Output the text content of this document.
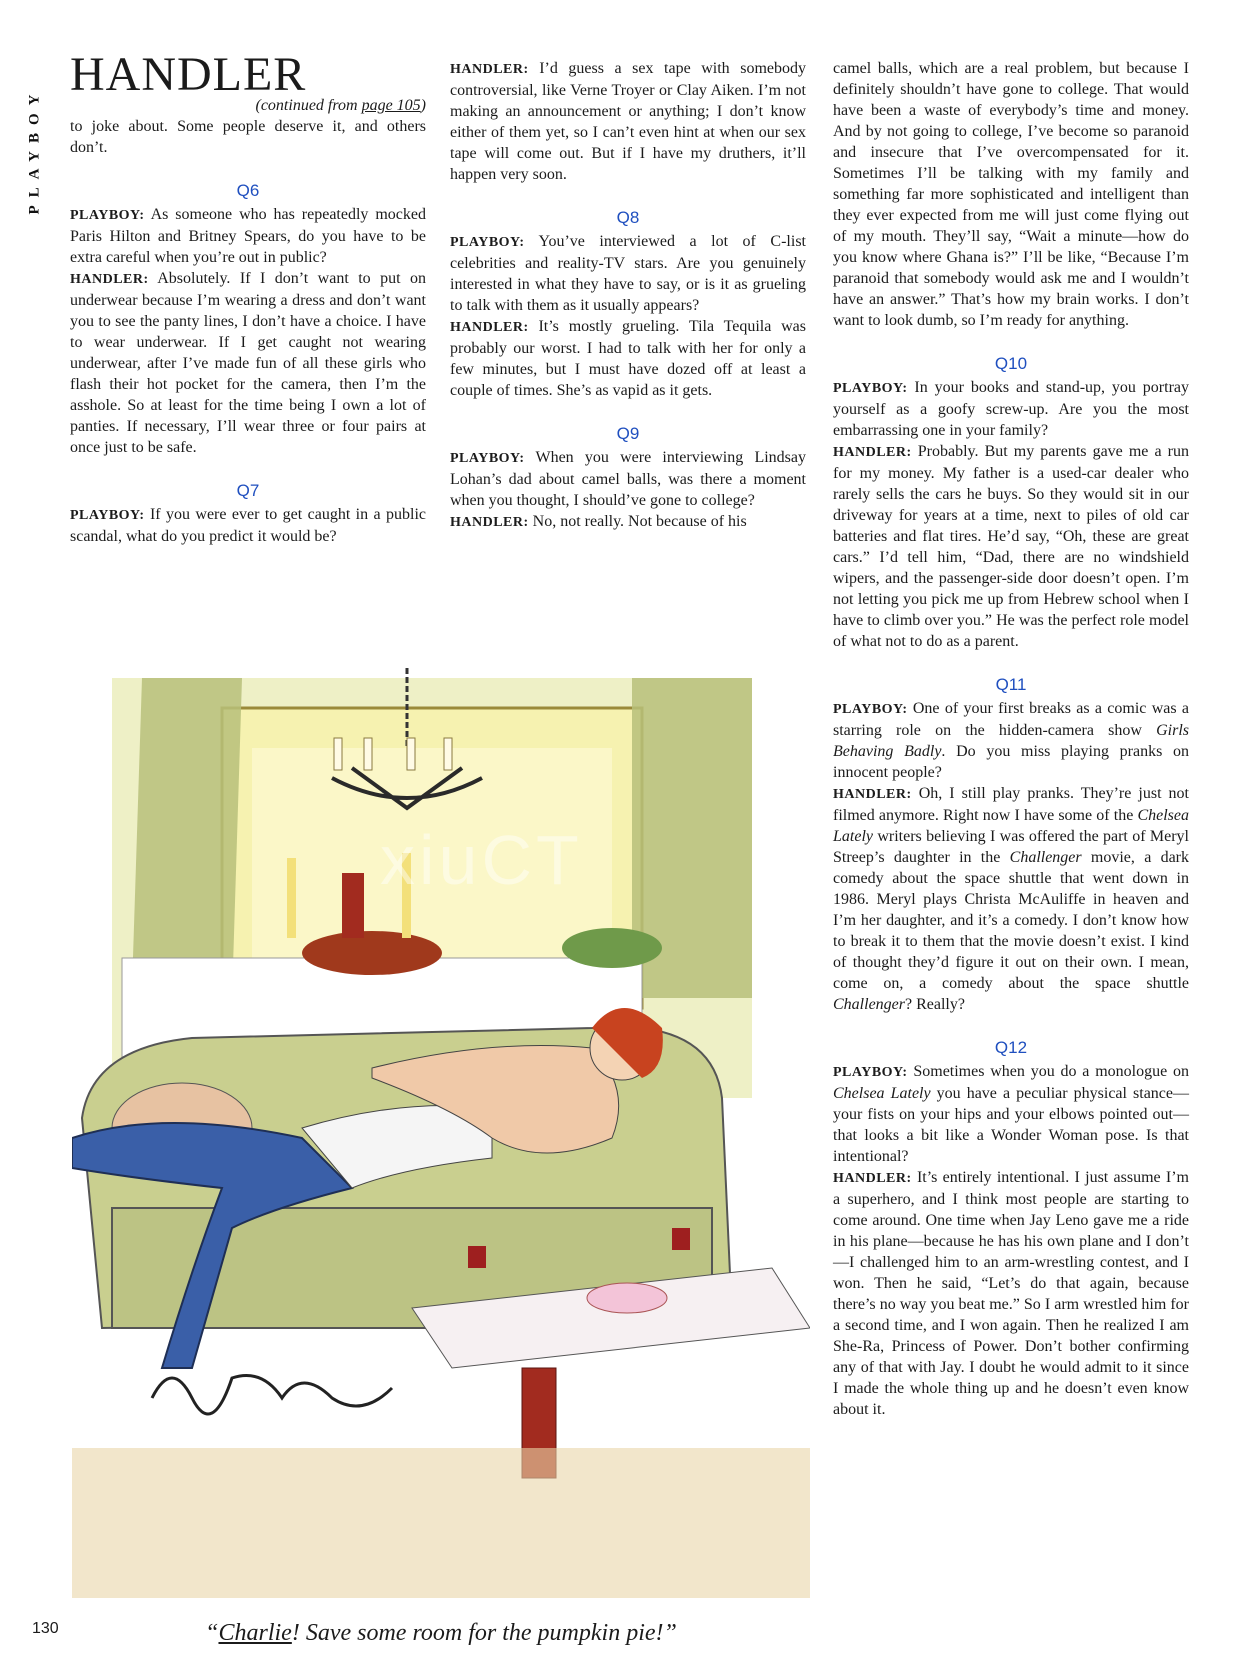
PLAYBOY
HANDLER
(continued from page 105)

to joke about. Some people deserve it, and others don’t.

Q6

PLAYBOY: As someone who has repeatedly mocked Paris Hilton and Britney Spears, do you have to be extra careful when you’re out in public?

HANDLER: Absolutely. If I don’t want to put on underwear because I’m wearing a dress and don’t want you to see the panty lines, I don’t have a choice. I have to wear underwear. If I get caught not wearing underwear, after I’ve made fun of all these girls who flash their hot pocket for the camera, then I’m the asshole. So at least for the time being I own a lot of panties. If necessary, I’ll wear three or four pairs at once just to be safe.

Q7

PLAYBOY: If you were ever to get caught in a public scandal, what do you predict it would be?

HANDLER: I’d guess a sex tape with somebody controversial, like Verne Troyer or Clay Aiken. I’m not making an announcement or anything; I don’t know either of them yet, so I can’t even hint at when our sex tape will come out. But if I have my druthers, it’ll happen very soon.

Q8

PLAYBOY: You’ve interviewed a lot of C-list celebrities and reality-TV stars. Are you genuinely interested in what they have to say, or is it as grueling to talk with them as it usually appears?

HANDLER: It’s mostly grueling. Tila Tequila was probably our worst. I had to talk with her for only a few minutes, but I must have dozed off at least a couple of times. She’s as vapid as it gets.

Q9

PLAYBOY: When you were interviewing Lindsay Lohan’s dad about camel balls, was there a moment when you thought, I should’ve gone to college?

HANDLER: No, not really. Not because of his

camel balls, which are a real problem, but because I definitely shouldn’t have gone to college. That would have been a waste of everybody’s time and money. And by not going to college, I’ve become so paranoid and insecure that I’ve overcompensated for it. Sometimes I’ll be talking with my family and something far more sophisticated and intelligent than they ever expected from me will just come flying out of my mouth. They’ll say, “Wait a minute—how do you know where Ghana is?” I’ll be like, “Because I’m paranoid that somebody would ask me and I wouldn’t have an answer.” That’s how my brain works. I don’t want to look dumb, so I’m ready for anything.

Q10

PLAYBOY: In your books and stand-up, you portray yourself as a goofy screw-up. Are you the most embarrassing one in your family?

HANDLER: Probably. But my parents gave me a run for my money. My father is a used-car dealer who rarely sells the cars he buys. So they would sit in our driveway for years at a time, next to piles of old car batteries and flat tires. He’d say, “Oh, these are great cars.” I’d tell him, “Dad, there are no windshield wipers, and the passenger-side door doesn’t open. I’m not letting you pick me up from Hebrew school when I have to climb over you.” He was the perfect role model of what not to do as a parent.

Q11

PLAYBOY: One of your first breaks as a comic was a starring role on the hidden-camera show Girls Behaving Badly. Do you miss playing pranks on innocent people?

HANDLER: Oh, I still play pranks. They’re just not filmed anymore. Right now I have some of the Chelsea Lately writers believing I was offered the part of Meryl Streep’s daughter in the Challenger movie, a dark comedy about the space shuttle that went down in 1986. Meryl plays Christa McAuliffe in heaven and I’m her daughter, and it’s a comedy. I don’t know how to break it to them that the movie doesn’t exist. I kind of thought they’d figure it out on their own. I mean, come on, a comedy about the space shuttle Challenger? Really?

Q12

PLAYBOY: Sometimes when you do a monologue on Chelsea Lately you have a peculiar physical stance—your fists on your hips and your elbows pointed out—that looks a bit like a Wonder Woman pose. Is that intentional?

HANDLER: It’s entirely intentional. I just assume I’m a superhero, and I think most people are starting to come around. One time when Jay Leno gave me a ride in his plane—because he has his own plane and I don’t—I challenged him to an arm-wrestling contest, and I won. Then he said, “Let’s do that again, because there’s no way you beat me.” So I arm wrestled him for a second time, and I won again. Then he realized I am She-Ra, Princess of Power. Don’t bother confirming any of that with Jay. I doubt he would admit to it since I made the whole thing up and he doesn’t even know about it.

xiuCT
“Charlie! Save some room for the pumpkin pie!”
130
